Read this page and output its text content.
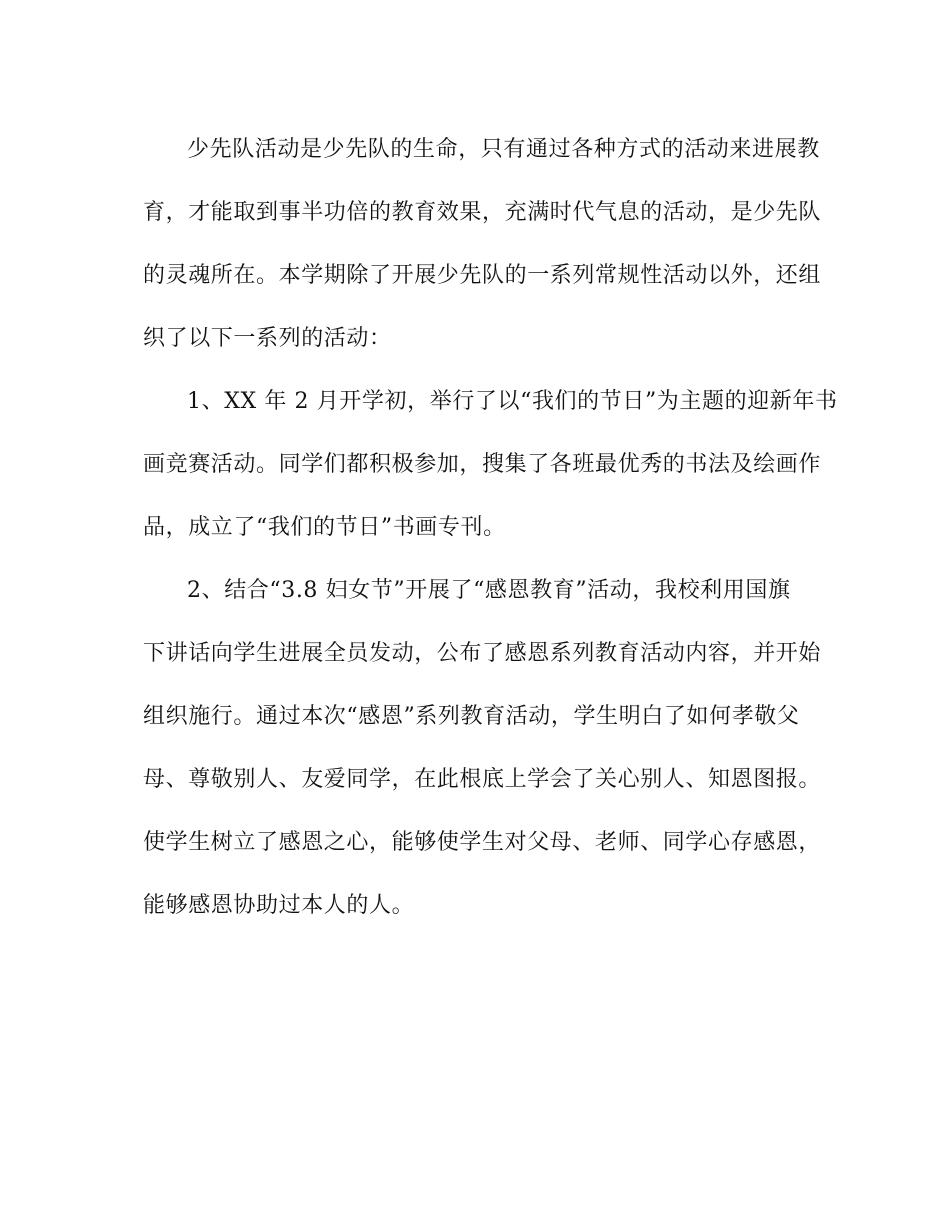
少先队活动是少先队的生命，只有通过各种方式的活动来进展教
育，才能取到事半功倍的教育效果，充满时代气息的活动，是少先队
的灵魂所在。本学期除了开展少先队的一系列常规性活动以外，还组
织了以下一系列的活动：
1、XX 年 2 月开学初，举行了以“我们的节日”为主题的迎新年书
画竞赛活动。同学们都积极参加，搜集了各班最优秀的书法及绘画作
品，成立了“我们的节日”书画专刊。
2、结合“3.8 妇女节”开展了“感恩教育”活动，我校利用国旗
下讲话向学生进展全员发动，公布了感恩系列教育活动内容，并开始
组织施行。通过本次“感恩”系列教育活动，学生明白了如何孝敬父
母、尊敬别人、友爱同学，在此根底上学会了关心别人、知恩图报。
使学生树立了感恩之心，能够使学生对父母、老师、同学心存感恩，
能够感恩协助过本人的人。
